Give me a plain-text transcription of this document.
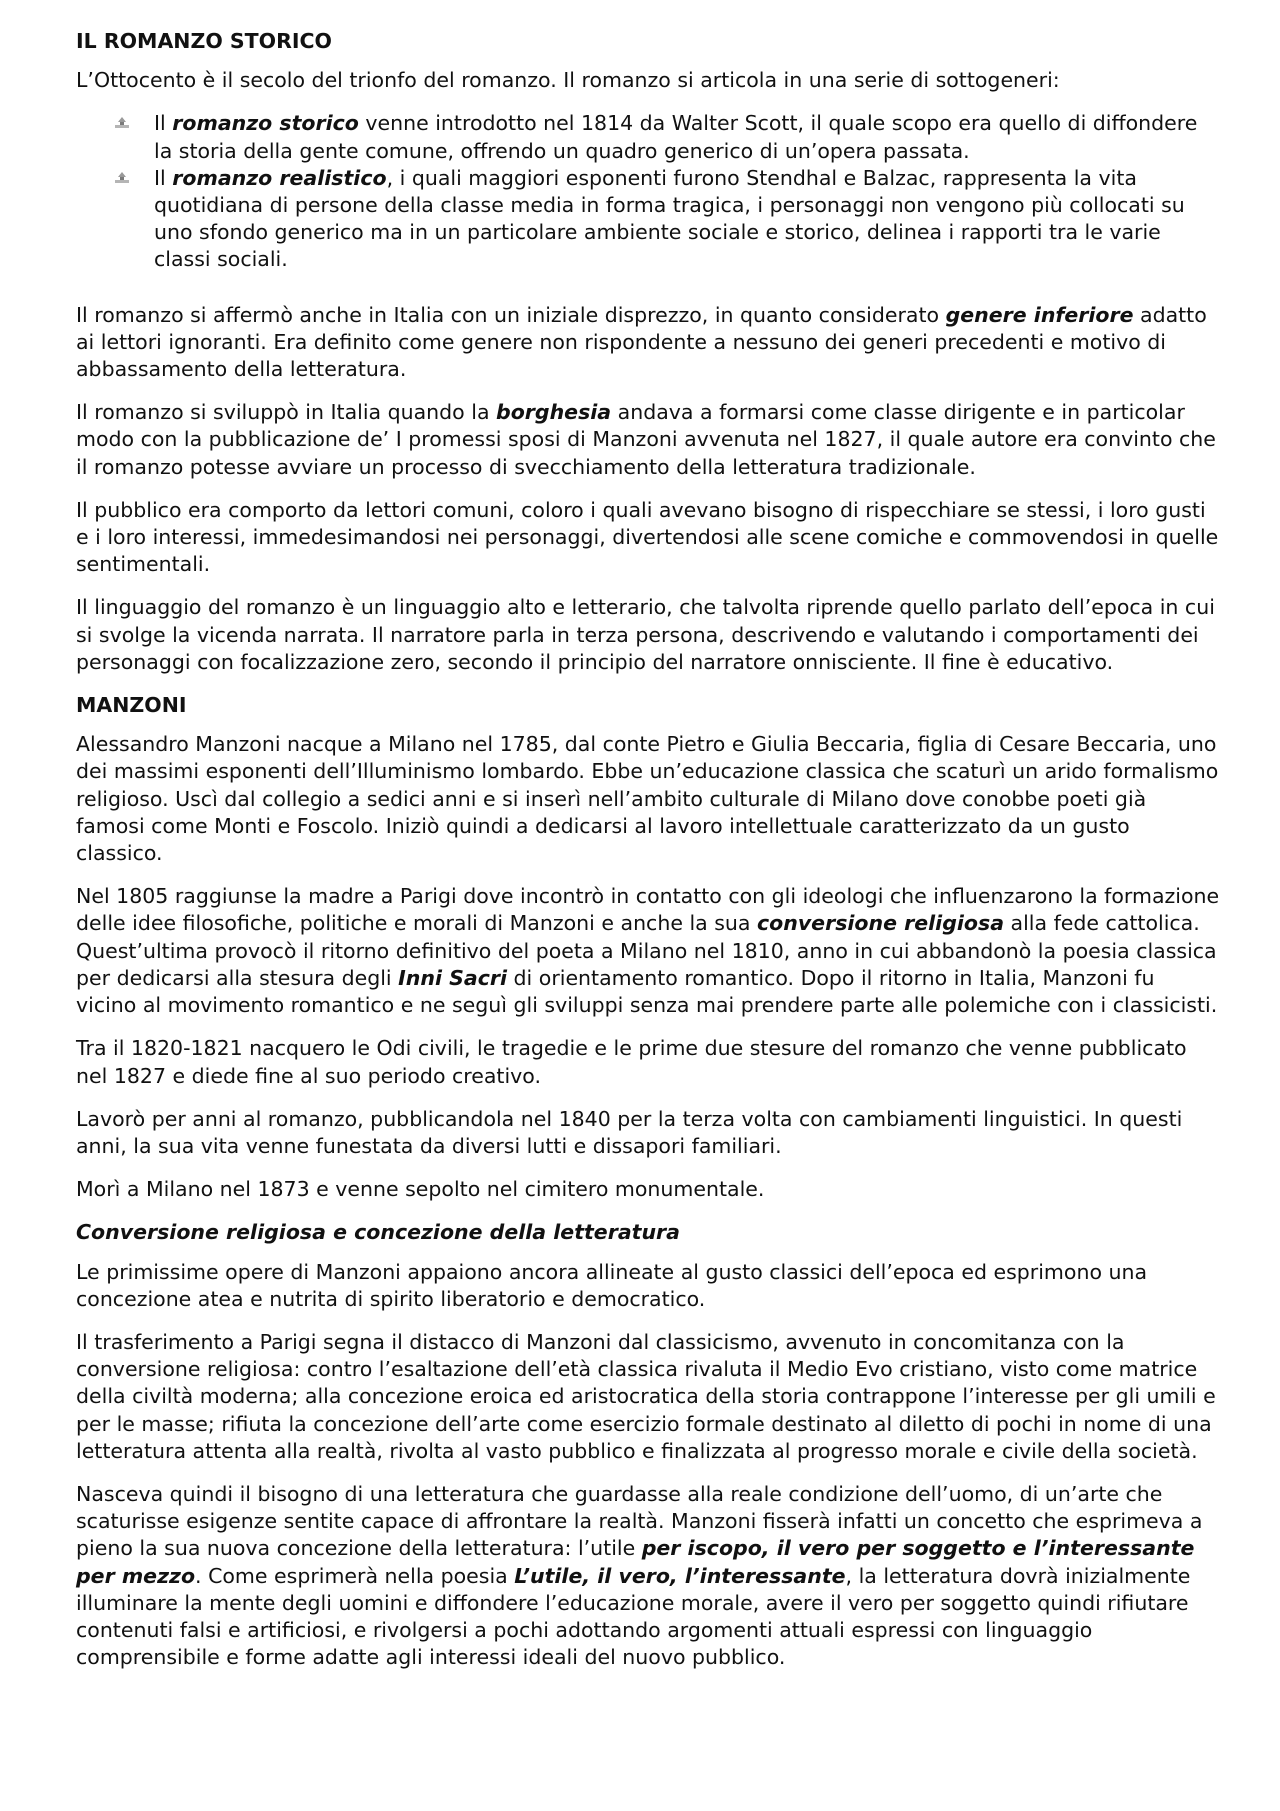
IL ROMANZO STORICO

L’Ottocento è il secolo del trionfo del romanzo. Il romanzo si articola in una serie di sottogeneri:

Il romanzo storico venne introdotto nel 1814 da Walter Scott, il quale scopo era quello di diffondere la storia della gente comune, offrendo un quadro generico di un’opera passata.
Il romanzo realistico, i quali maggiori esponenti furono Stendhal e Balzac, rappresenta la vita quotidiana di persone della classe media in forma tragica, i personaggi non vengono più collocati su uno sfondo generico ma in un particolare ambiente sociale e storico, delinea i rapporti tra le varie classi sociali.

Il romanzo si affermò anche in Italia con un iniziale disprezzo, in quanto considerato genere inferiore adatto ai lettori ignoranti. Era definito come genere non rispondente a nessuno dei generi precedenti e motivo di abbassamento della letteratura.

Il romanzo si sviluppò in Italia quando la borghesia andava a formarsi come classe dirigente e in particolar modo con la pubblicazione de’ I promessi sposi di Manzoni avvenuta nel 1827, il quale autore era convinto che il romanzo potesse avviare un processo di svecchiamento della letteratura tradizionale.

Il pubblico era comporto da lettori comuni, coloro i quali avevano bisogno di rispecchiare se stessi, i loro gusti e i loro interessi, immedesimandosi nei personaggi, divertendosi alle scene comiche e commovendosi in quelle sentimentali.

Il linguaggio del romanzo è un linguaggio alto e letterario, che talvolta riprende quello parlato dell’epoca in cui si svolge la vicenda narrata. Il narratore parla in terza persona, descrivendo e valutando i comportamenti dei personaggi con focalizzazione zero, secondo il principio del narratore onnisciente. Il fine è educativo.

MANZONI

Alessandro Manzoni nacque a Milano nel 1785, dal conte Pietro e Giulia Beccaria, figlia di Cesare Beccaria, uno dei massimi esponenti dell’Illuminismo lombardo. Ebbe un’educazione classica che scaturì un arido formalismo religioso. Uscì dal collegio a sedici anni e si inserì nell’ambito culturale di Milano dove conobbe poeti già famosi come Monti e Foscolo. Iniziò quindi a dedicarsi al lavoro intellettuale caratterizzato da un gusto classico.

Nel 1805 raggiunse la madre a Parigi dove incontrò in contatto con gli ideologi che influenzarono la formazione delle idee filosofiche, politiche e morali di Manzoni e anche la sua conversione religiosa alla fede cattolica. Quest’ultima provocò il ritorno definitivo del poeta a Milano nel 1810, anno in cui abbandonò la poesia classica per dedicarsi alla stesura degli Inni Sacri di orientamento romantico. Dopo il ritorno in Italia, Manzoni fu vicino al movimento romantico e ne seguì gli sviluppi senza mai prendere parte alle polemiche con i classicisti.

Tra il 1820-1821 nacquero le Odi civili, le tragedie e le prime due stesure del romanzo che venne pubblicato nel 1827 e diede fine al suo periodo creativo.

Lavorò per anni al romanzo, pubblicandola nel 1840 per la terza volta con cambiamenti linguistici. In questi anni, la sua vita venne funestata da diversi lutti e dissapori familiari.

Morì a Milano nel 1873 e venne sepolto nel cimitero monumentale.

Conversione religiosa e concezione della letteratura

Le primissime opere di Manzoni appaiono ancora allineate al gusto classici dell’epoca ed esprimono una concezione atea e nutrita di spirito liberatorio e democratico.

Il trasferimento a Parigi segna il distacco di Manzoni dal classicismo, avvenuto in concomitanza con la conversione religiosa: contro l’esaltazione dell’età classica rivaluta il Medio Evo cristiano, visto come matrice della civiltà moderna; alla concezione eroica ed aristocratica della storia contrappone l’interesse per gli umili e per le masse; rifiuta la concezione dell’arte come esercizio formale destinato al diletto di pochi in nome di una letteratura attenta alla realtà, rivolta al vasto pubblico e finalizzata al progresso morale e civile della società.

Nasceva quindi il bisogno di una letteratura che guardasse alla reale condizione dell’uomo, di un’arte che scaturisse esigenze sentite capace di affrontare la realtà. Manzoni fisserà infatti un concetto che esprimeva a pieno la sua nuova concezione della letteratura: l’utile per iscopo, il vero per soggetto e l’interessante per mezzo. Come esprimerà nella poesia L’utile, il vero, l’interessante, la letteratura dovrà inizialmente illuminare la mente degli uomini e diffondere l’educazione morale, avere il vero per soggetto quindi rifiutare contenuti falsi e artificiosi, e rivolgersi a pochi adottando argomenti attuali espressi con linguaggio comprensibile e forme adatte agli interessi ideali del nuovo pubblico.
